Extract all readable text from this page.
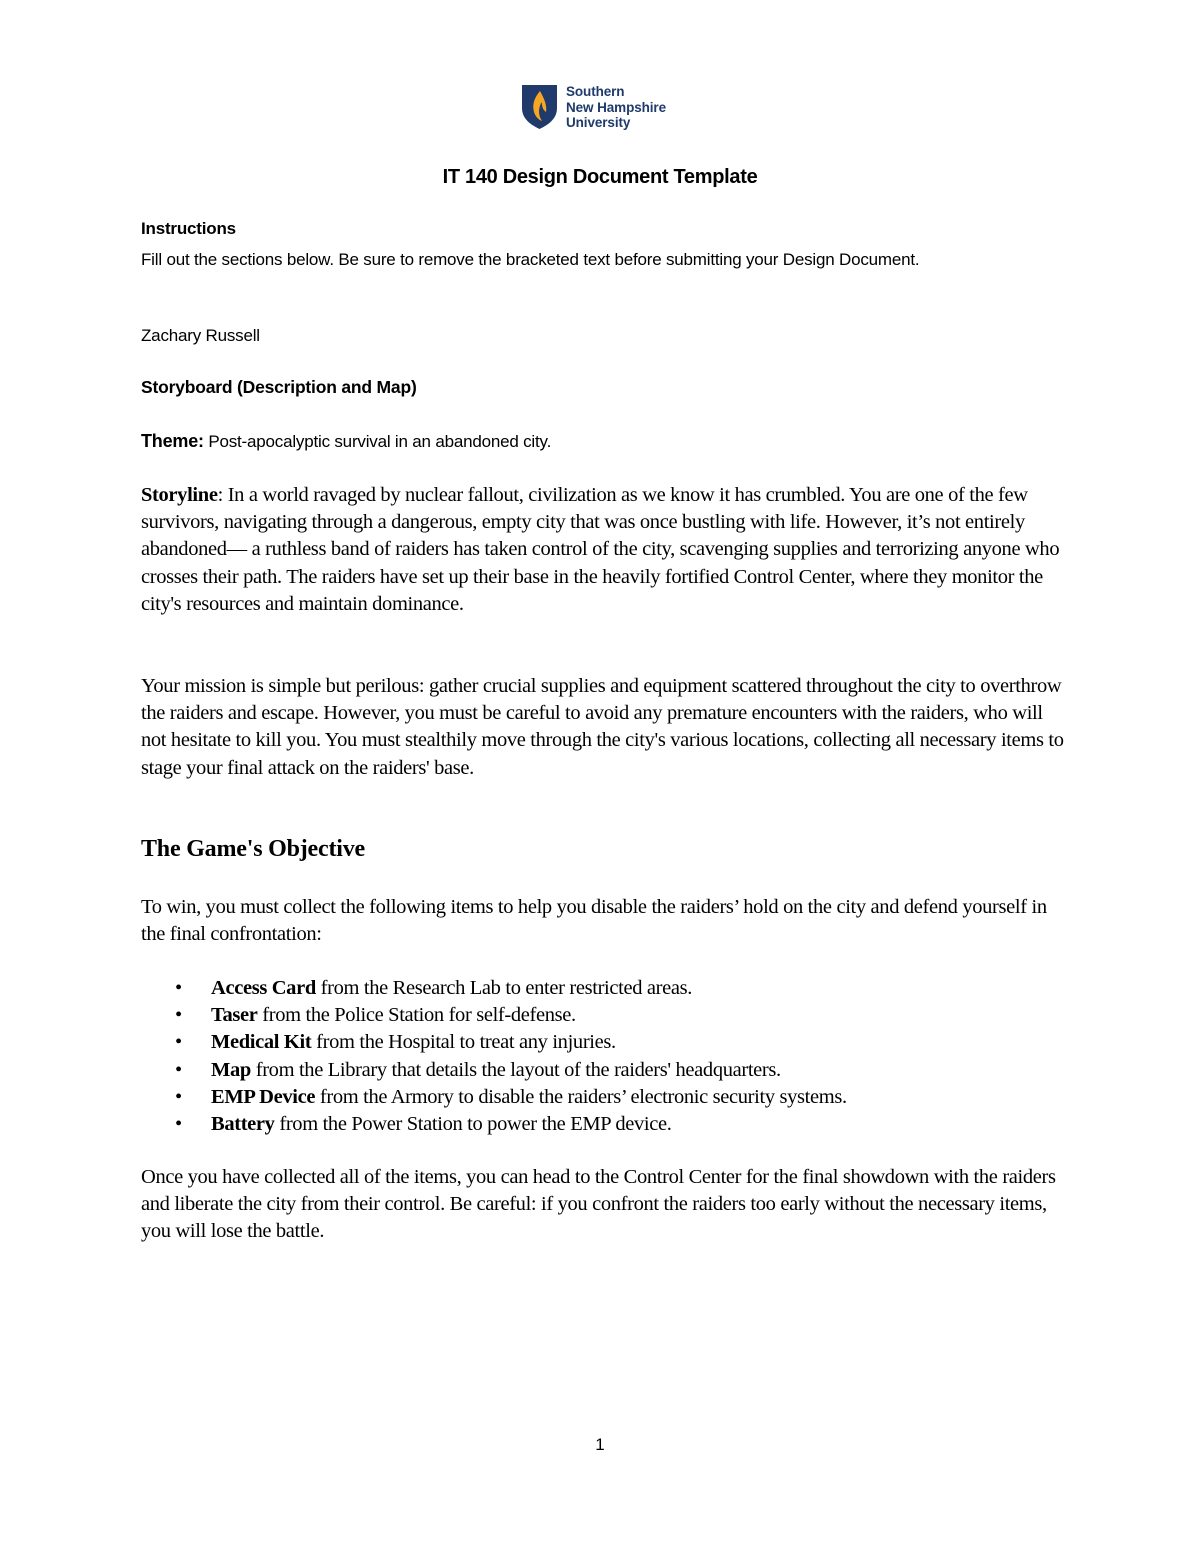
Southern
New Hampshire
University
IT 140 Design Document Template
Instructions
Fill out the sections below. Be sure to remove the bracketed text before submitting your Design Document.
Zachary Russell
Storyboard (Description and Map)
Theme: Post-apocalyptic survival in an abandoned city.
Storyline: In a world ravaged by nuclear fallout, civilization as we know it has crumbled. You are one of the few survivors, navigating through a dangerous, empty city that was once bustling with life. However, it’s not entirely abandoned— a ruthless band of raiders has taken control of the city, scavenging supplies and terrorizing anyone who crosses their path. The raiders have set up their base in the heavily fortified Control Center, where they monitor the city's resources and maintain dominance.
Your mission is simple but perilous: gather crucial supplies and equipment scattered throughout the city to overthrow the raiders and escape. However, you must be careful to avoid any premature encounters with the raiders, who will not hesitate to kill you. You must stealthily move through the city's various locations, collecting all necessary items to stage your final attack on the raiders' base.
The Game's Objective
To win, you must collect the following items to help you disable the raiders’ hold on the city and defend yourself in the final confrontation:
• Access Card from the Research Lab to enter restricted areas.
• Taser from the Police Station for self-defense.
• Medical Kit from the Hospital to treat any injuries.
• Map from the Library that details the layout of the raiders' headquarters.
• EMP Device from the Armory to disable the raiders’ electronic security systems.
• Battery from the Power Station to power the EMP device.
Once you have collected all of the items, you can head to the Control Center for the final showdown with the raiders and liberate the city from their control. Be careful: if you confront the raiders too early without the necessary items, you will lose the battle.
1
